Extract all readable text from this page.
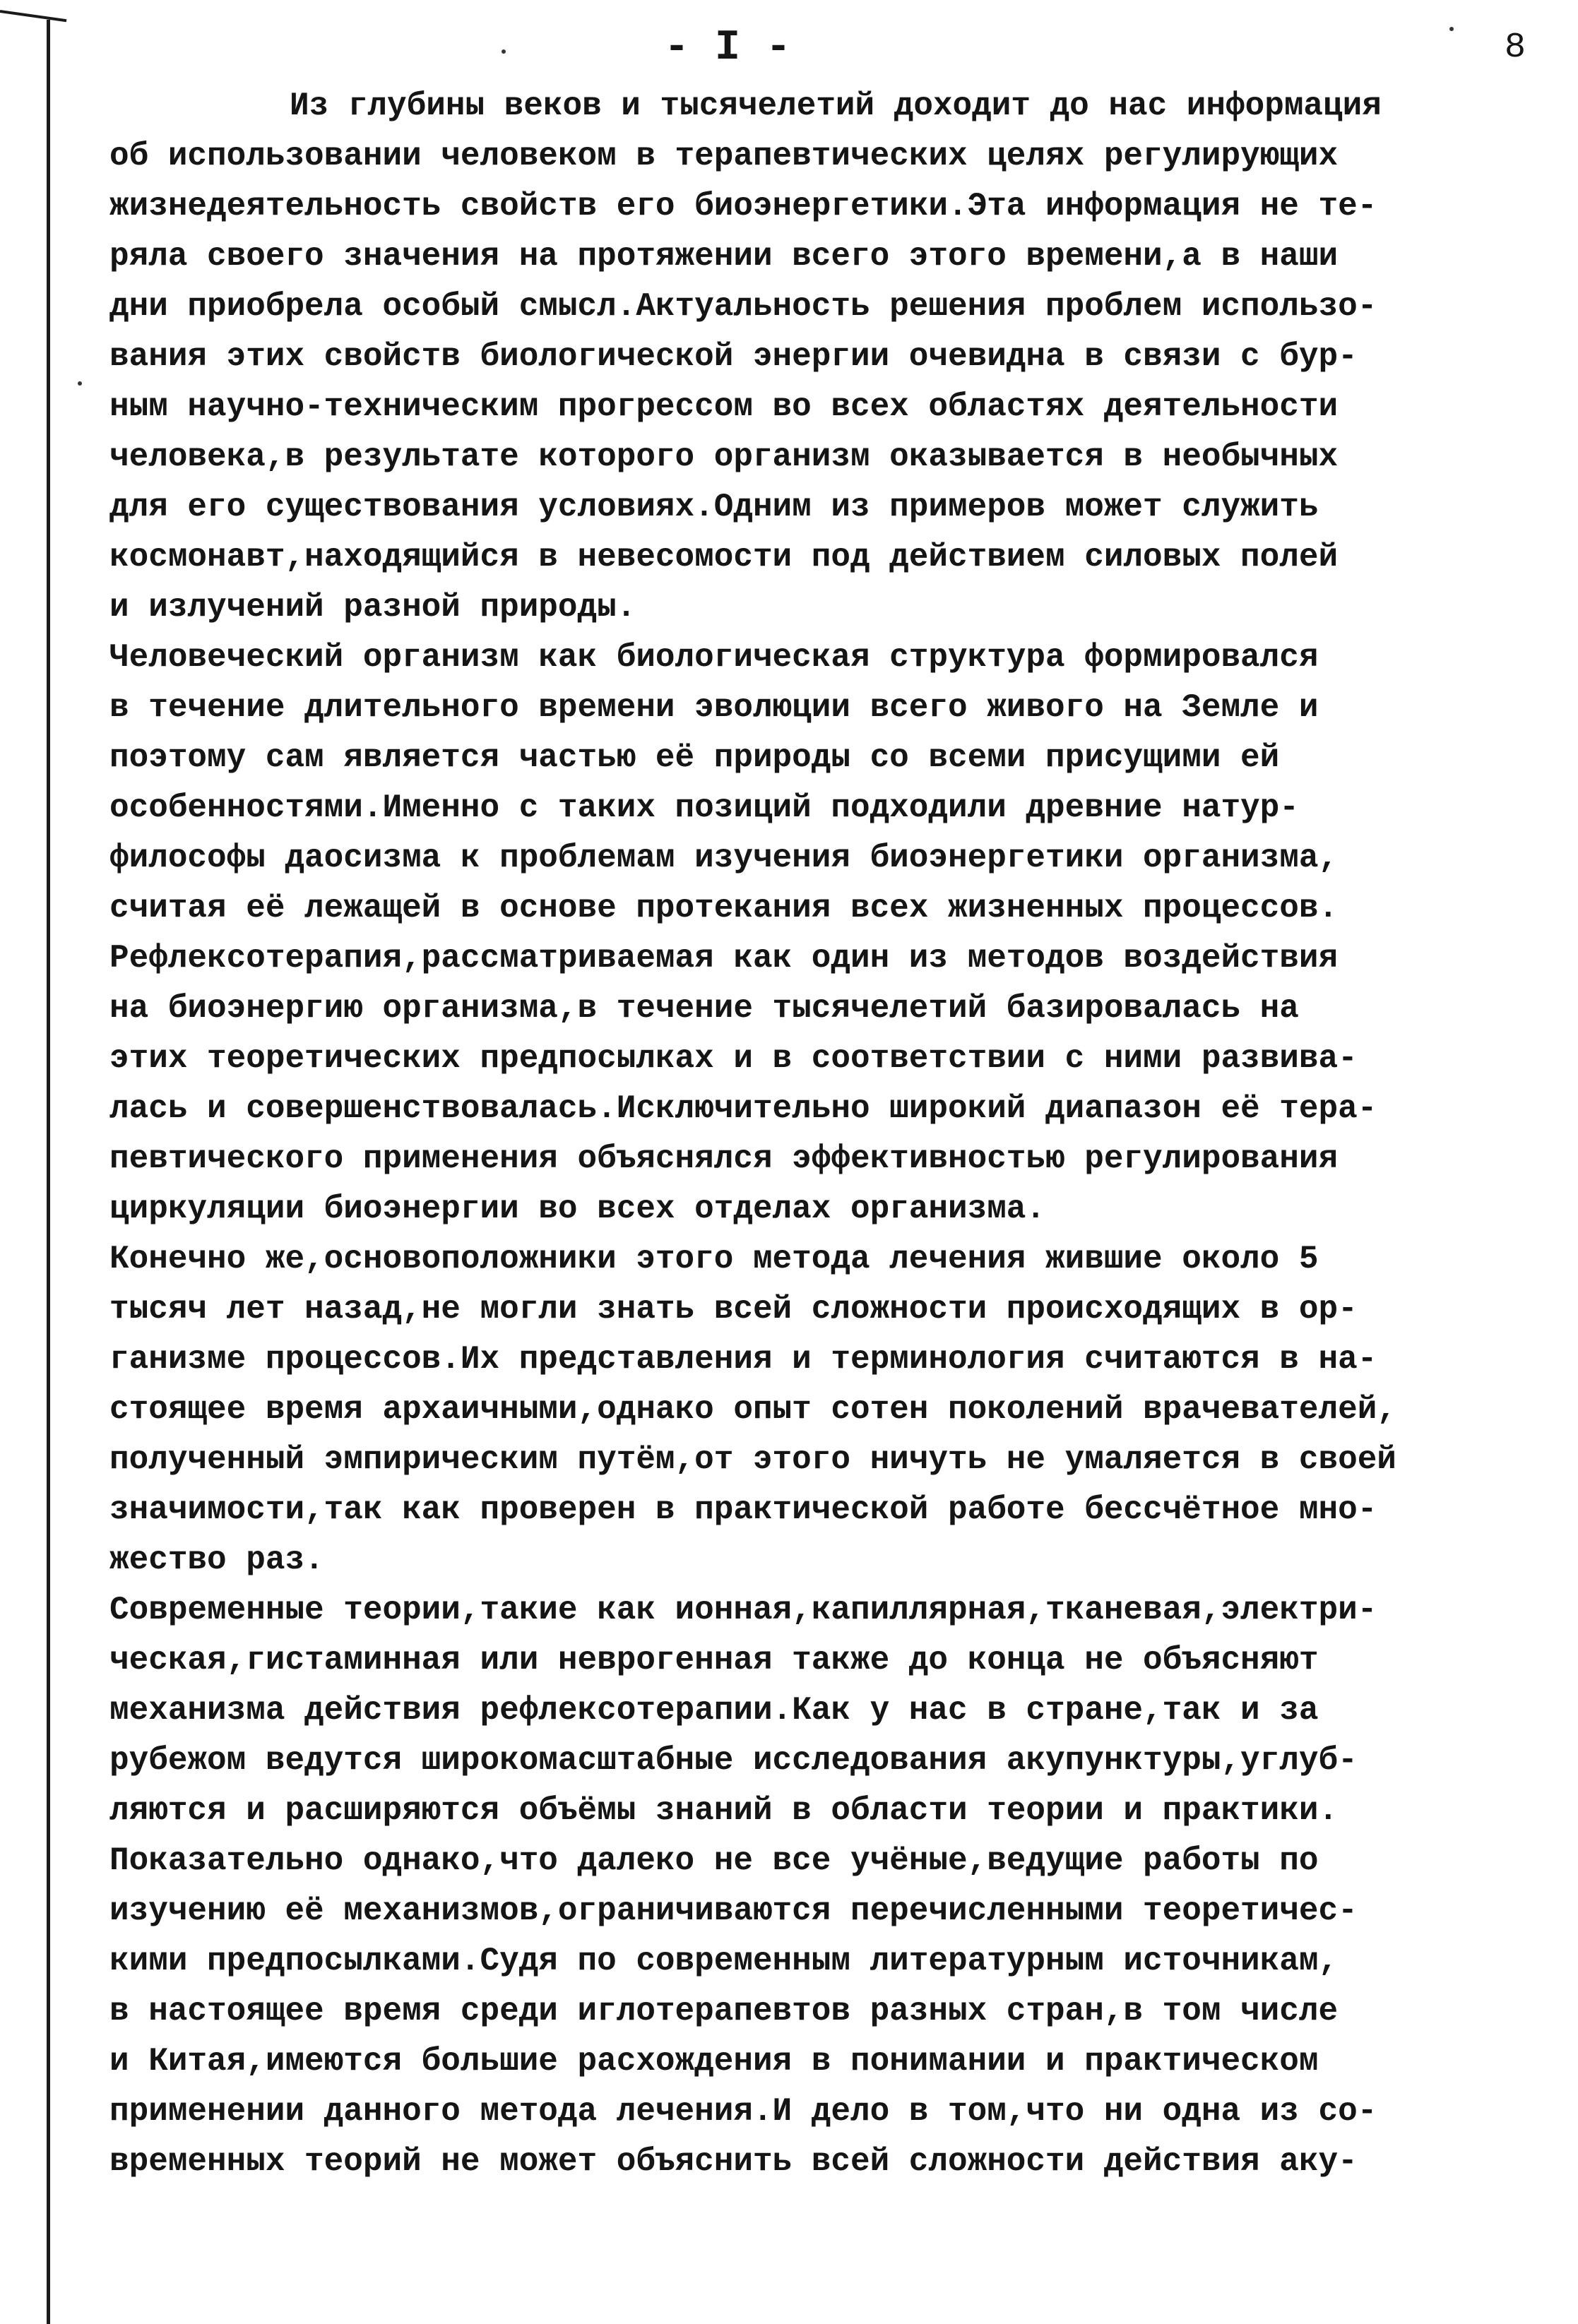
- I -	8
Из глубины веков и тысячелетий доходит до нас информация
об использовании человеком в терапевтических целях регулирующих
жизнедеятельность свойств его биоэнергетики.Эта информация не те-
ряла своего значения на протяжении всего этого времени,а в наши
дни приобрела особый смысл.Актуальность решения проблем использо-
вания этих свойств биологической энергии очевидна в связи с бур-
ным научно-техническим прогрессом во всех областях деятельности
человека,в результате которого организм оказывается в необычных
для его существования условиях.Одним из примеров может служить
космонавт,находящийся в невесомости под действием силовых полей
и излучений разной природы.
Человеческий организм как биологическая структура формировался
в течение длительного времени эволюции всего живого на Земле и
поэтому сам является частью её природы со всеми присущими ей
особенностями.Именно с таких позиций подходили древние натур-
философы даосизма к проблемам изучения биоэнергетики организма,
считая её лежащей в основе протекания всех жизненных процессов.
Рефлексотерапия,рассматриваемая как один из методов воздействия
на биоэнергию организма,в течение тысячелетий базировалась на
этих теоретических предпосылках и в соответствии с ними развива-
лась и совершенствовалась.Исключительно широкий диапазон её тера-
певтического применения объяснялся эффективностью регулирования
циркуляции биоэнергии во всех отделах организма.
Конечно же,основоположники этого метода лечения жившие около 5
тысяч лет назад,не могли знать всей сложности происходящих в ор-
ганизме процессов.Их представления и терминология считаются в на-
стоящее время архаичными,однако опыт сотен поколений врачевателей,
полученный эмпирическим путём,от этого ничуть не умаляется в своей
значимости,так как проверен в практической работе бессчётное мно-
жество раз.
Современные теории,такие как ионная,капиллярная,тканевая,электри-
ческая,гистаминная или неврогенная также до конца не объясняют
механизма действия рефлексотерапии.Как у нас в стране,так и за
рубежом ведутся широкомасштабные исследования акупунктуры,углуб-
ляются и расширяются объёмы знаний в области теории и практики.
Показательно однако,что далеко не все учёные,ведущие работы по
изучению её механизмов,ограничиваются перечисленными теоретичес-
кими предпосылками.Судя по современным литературным источникам,
в настоящее время среди иглотерапевтов разных стран,в том числе
и Китая,имеются большие расхождения в понимании и практическом
применении данного метода лечения.И дело в том,что ни одна из со-
временных теорий не может объяснить всей сложности действия аку-
